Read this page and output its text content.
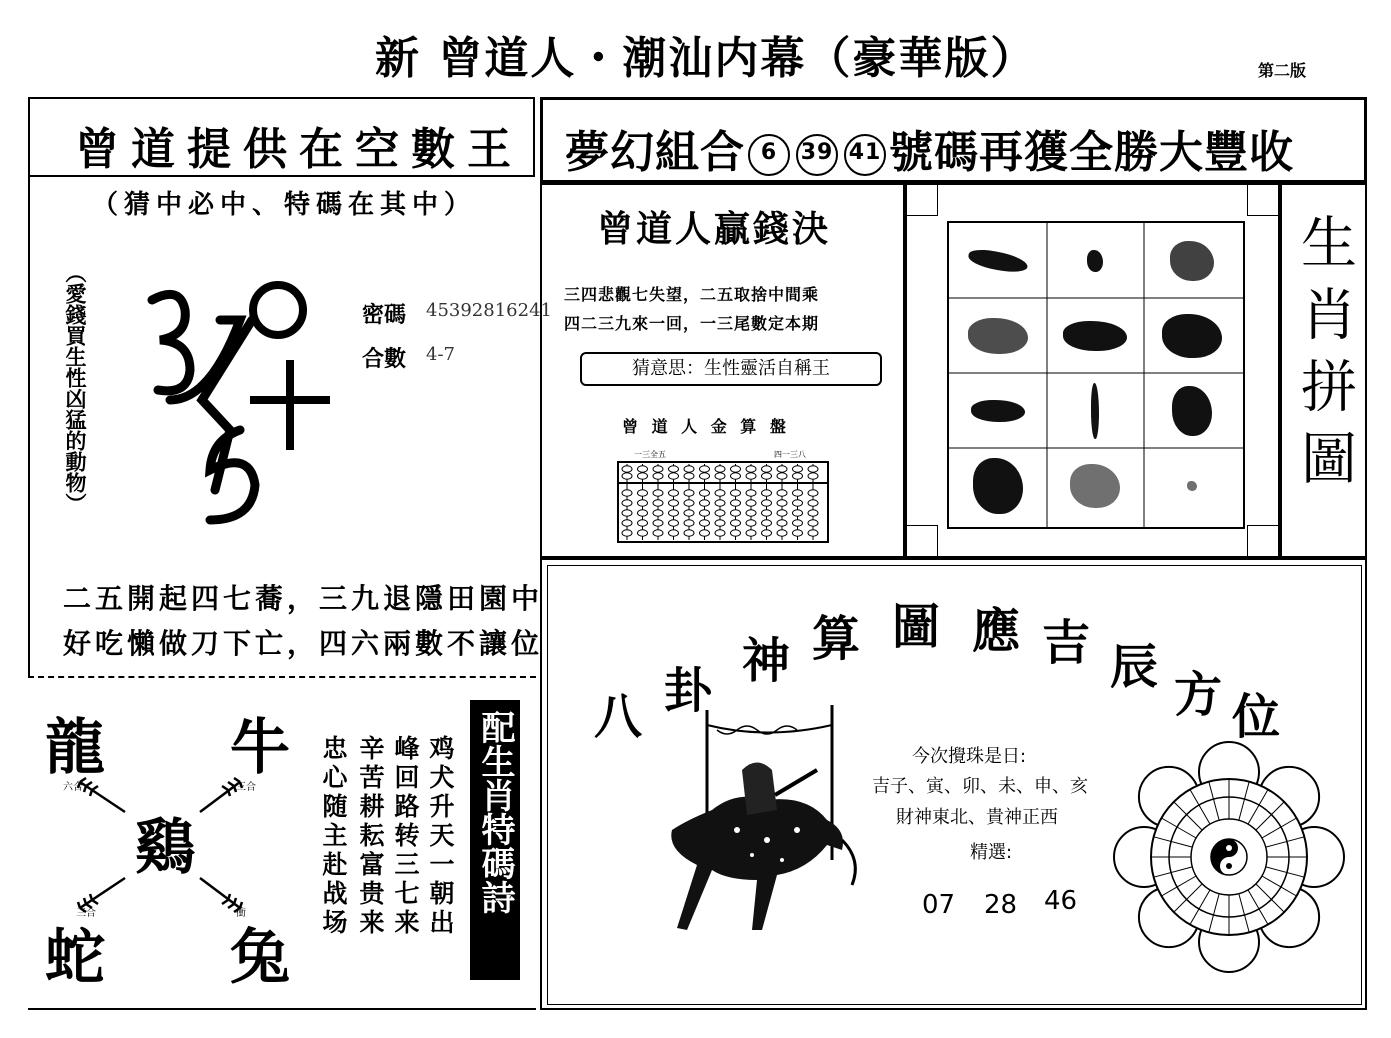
新 曾道人・潮汕内幕（豪華版）	第二版
曾道提供在空數王
（猜中必中、特碼在其中）
（愛錢買生性凶猛的動物）	密碼 45392816241
合數 4-7
二五開起四七蕎，三九退隱田園中
好吃懶做刀下亡，四六兩數不讓位
龍 牛
鷄
蛇 兔
六合	三合
三合	衝	鸡犬升天一朝出
峰回路转三七来
辛苦耕耘富贵来
忠心随主赴战场	配生肖特碼詩
夢幻組合 6 39 41 號碼再獲全勝大豐收
曾道人贏錢決
三四悲觀七失望，二五取捨中間乘
四二三九來一回，一三尾數定本期
猜意思：生性靈活自稱王
曾 道 人 金 算 盤
一三全五	四一三八	生肖拼圖
八 卦
神 算 圖 應 吉 辰 方 位
今次攪珠是日:
吉子、寅、卯、未、申、亥
財神東北、貴神正西
精選:
07 28 46
